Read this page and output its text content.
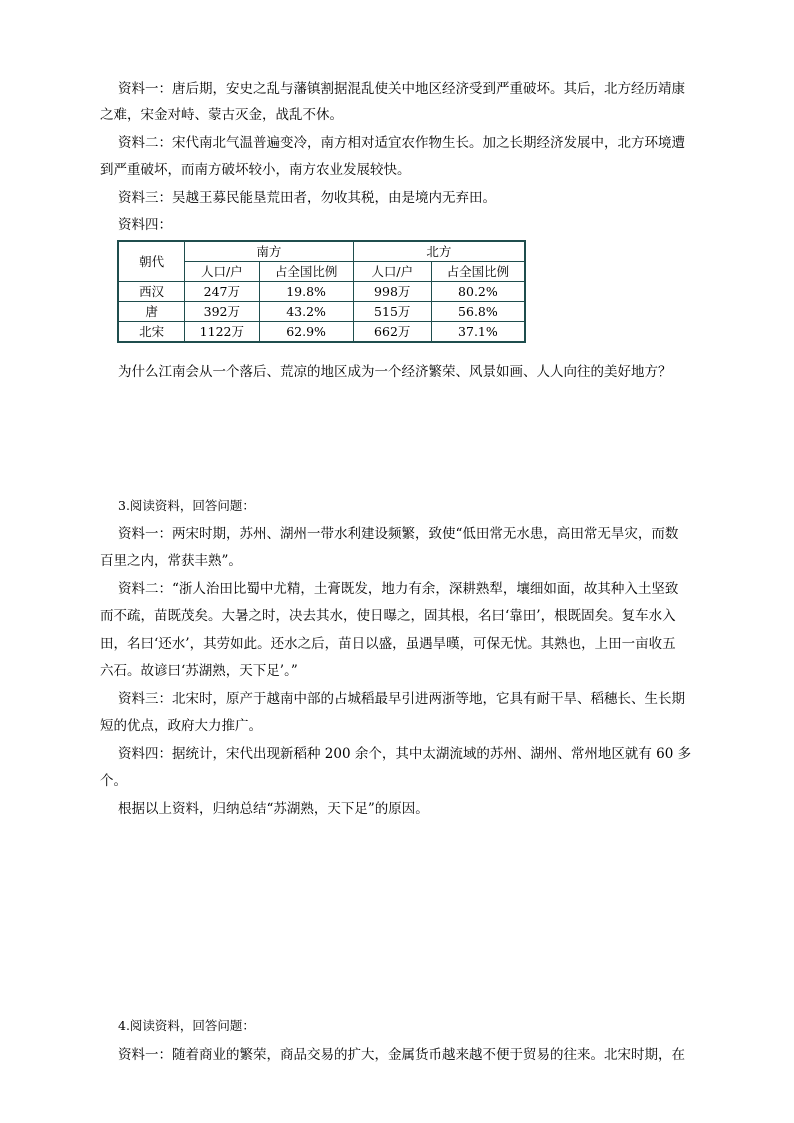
资料一：唐后期，安史之乱与藩镇割据混乱使关中地区经济受到严重破坏。其后，北方经历靖康
之难，宋金对峙、蒙古灭金，战乱不休。
资料二：宋代南北气温普遍变冷，南方相对适宜农作物生长。加之长期经济发展中，北方环境遭
到严重破坏，而南方破坏较小，南方农业发展较快。
资料三：吴越王募民能垦荒田者，勿收其税，由是境内无弃田。
资料四：
朝代	南方		北方	
	人口/户	占全国比例	人口/户	占全国比例
西汉	247万	19.8%	998万	80.2%
唐	392万	43.2%	515万	56.8%
北宋	1122万	62.9%	662万	37.1%
为什么江南会从一个落后、荒凉的地区成为一个经济繁荣、风景如画、人人向往的美好地方？
3.阅读资料，回答问题：
资料一：两宋时期，苏州、湖州一带水利建设频繁，致使“低田常无水患，高田常无旱灾，而数
百里之内，常获丰熟”。
资料二：“浙人治田比蜀中尤精，土膏既发，地力有余，深耕熟犁，壤细如面，故其种入土坚致
而不疏，苗既茂矣。大暑之时，决去其水，使日曝之，固其根，名曰‘靠田’，根既固矣。复车水入
田，名曰‘还水’，其劳如此。还水之后，苗日以盛，虽遇旱暵，可保无忧。其熟也，上田一亩收五
六石。故谚曰‘苏湖熟，天下足’。”
资料三：北宋时，原产于越南中部的占城稻最早引进两浙等地，它具有耐干旱、稻穗长、生长期
短的优点，政府大力推广。
资料四：据统计，宋代出现新稻种 200 余个，其中太湖流域的苏州、湖州、常州地区就有 60 多
个。
根据以上资料，归纳总结“苏湖熟，天下足”的原因。
4.阅读资料，回答问题：
资料一：随着商业的繁荣，商品交易的扩大，金属货币越来越不便于贸易的往来。北宋时期，在
